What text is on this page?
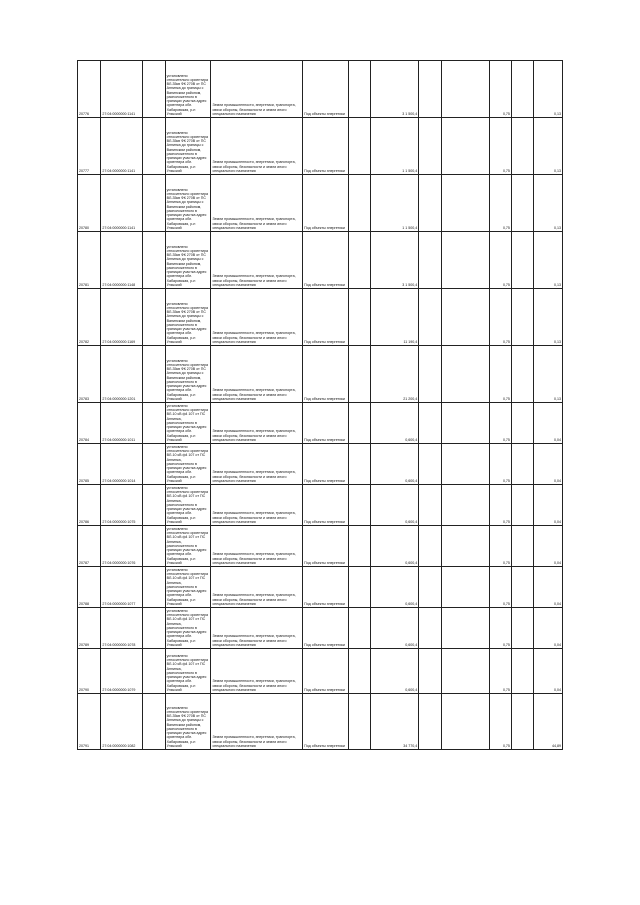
20776	27:04:0000000:1141		установлено относительно ориентира ВЛ-35кв ФК 270В от ПС Аннинка до границы с Ванинским районом, расположенного в границах участка адрес ориентира обл. Хабаровская, р-н Ульчский	Земли промышленности, энергетики, транспорта, связи обороны, безопасности и земли иного специального назначения	Под объекты энергетики		3 1 500,4			0,75		0,13
20777	27:04:0000000:1141		установлено относительно ориентира ВЛ-35кв ФК 270В от ПС Аннинка до границы с Ванинским районом, расположенного в границах участка адрес ориентира обл. Хабаровская, р-н Ульчский	Земли промышленности, энергетики, транспорта, связи обороны, безопасности и земли иного специального назначения	Под объекты энергетики		1 1 500,4			0,75		0,13
20780	27:04:0000000:1141		установлено относительно ориентира ВЛ-35кв ФК 270В от ПС Аннинка до границы с Ванинским районом, расположенного в границах участка адрес ориентира обл. Хабаровская, р-н Ульчский	Земли промышленности, энергетики, транспорта, связи обороны, безопасности и земли иного специального назначения	Под объекты энергетики		1 1 500,4			0,75		0,13
20781	27:04:0000000:1148		установлено относительно ориентира ВЛ-35кв ФК 270В от ПС Аннинка до границы с Ванинским районом, расположенного в границах участка адрес ориентира обл. Хабаровская, р-н Ульчский	Земли промышленности, энергетики, транспорта, связи обороны, безопасности и земли иного специального назначения	Под объекты энергетики		3 1 500,4			0,75		0,13
20782	27:04:0000000:1169		установлено относительно ориентира ВЛ-35кв ФК 270В от ПС Аннинка до границы с Ванинским районом, расположенного в границах участка адрес ориентира обл. Хабаровская, р-н Ульчский	Земли промышленности, энергетики, транспорта, связи обороны, безопасности и земли иного специального назначения	Под объекты энергетики		11 190,4			0,75		0,13
20783	27:04:0000000:1201		установлено относительно ориентира ВЛ-35кв ФК 270В от ПС Аннинка до границы с Ванинским районом, расположенного в границах участка адрес ориентира обл. Хабаровская, р-н Ульчский	Земли промышленности, энергетики, транспорта, связи обороны, безопасности и земли иного специального назначения	Под объекты энергетики		21 200,4			0,75		0,13
20784	27:04:0000000:1011		установлено относительно ориентира ВЛ-10 кВ ф4 107 от ПС Аннинка, расположенного в границах участка адрес ориентира обл. Хабаровская, р-н Ульчский	Земли промышленности, энергетики, транспорта, связи обороны, безопасности и земли иного специального назначения	Под объекты энергетики		0,600,4			0,75		0,04
20785	27:04:0000000:1014		установлено относительно ориентира ВЛ-10 кВ ф4 107 от ПС Аннинка, расположенного в границах участка адрес ориентира обл. Хабаровская, р-н Ульчский	Земли промышленности, энергетики, транспорта, связи обороны, безопасности и земли иного специального назначения	Под объекты энергетики		0,600,4			0,75		0,04
20786	27:04:0000000:1075		установлено относительно ориентира ВЛ-10 кВ ф4 107 от ПС Аннинка, расположенного в границах участка адрес ориентира обл. Хабаровская, р-н Ульчский	Земли промышленности, энергетики, транспорта, связи обороны, безопасности и земли иного специального назначения	Под объекты энергетики		0,600,4			0,75		0,04
20787	27:04:0000000:1076		установлено относительно ориентира ВЛ-10 кВ ф4 107 от ПС Аннинка, расположенного в границах участка адрес ориентира обл. Хабаровская, р-н Ульчский	Земли промышленности, энергетики, транспорта, связи обороны, безопасности и земли иного специального назначения	Под объекты энергетики		0,600,4			0,75		0,04
20788	27:04:0000000:1077		установлено относительно ориентира ВЛ-10 кВ ф4 107 от ПС Аннинка, расположенного в границах участка адрес ориентира обл. Хабаровская, р-н Ульчский	Земли промышленности, энергетики, транспорта, связи обороны, безопасности и земли иного специального назначения	Под объекты энергетики		0,600,4			0,75		0,04
20789	27:04:0000000:1078		установлено относительно ориентира ВЛ-10 кВ ф4 107 от ПС Аннинка, расположенного в границах участка адрес ориентира обл. Хабаровская, р-н Ульчский	Земли промышленности, энергетики, транспорта, связи обороны, безопасности и земли иного специального назначения	Под объекты энергетики		0,600,4			0,75		0,04
20790	27:04:0000000:1079		установлено относительно ориентира ВЛ-10 кВ ф4 107 от ПС Аннинка, расположенного в границах участка адрес ориентира обл. Хабаровская, р-н Ульчский	Земли промышленности, энергетики, транспорта, связи обороны, безопасности и земли иного специального назначения	Под объекты энергетики		0,600,4			0,75		0,04
20791	27:04:0000000:1082		установлено относительно ориентира ВЛ-35кв ФК 270В от ПС Аннинка до границы с Ванинским районом, расположенного в границах участка адрес ориентира обл. Хабаровская, р-н Ульчский	Земли промышленности, энергетики, транспорта, связи обороны, безопасности и земли иного специального назначения	Под объекты энергетики		34 770,4			0,75		44,89
